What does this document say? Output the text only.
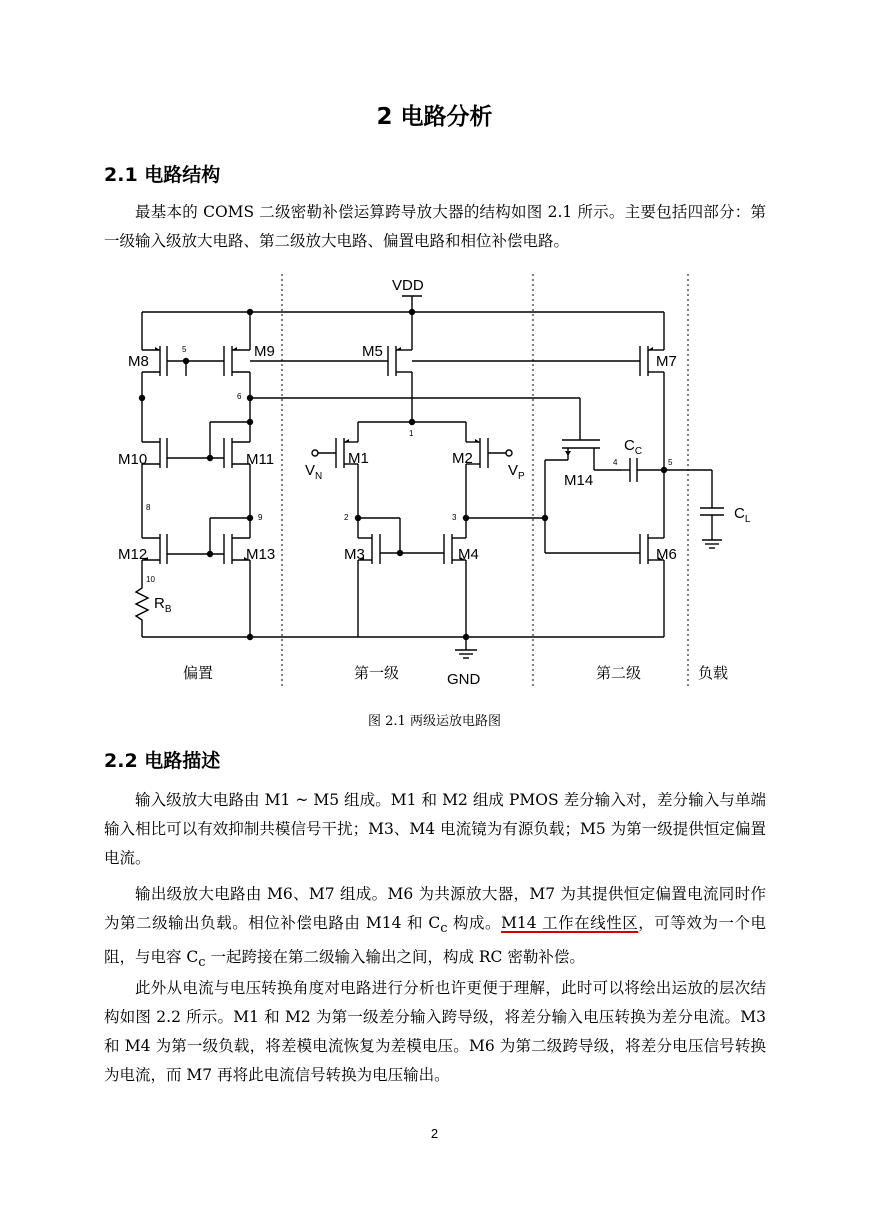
2 电路分析
2.1 电路结构

最基本的 COMS 二级密勒补偿运算跨导放大器的结构如图 2.1 所示。主要包括四部分：第一级输入级放大电路、第二级放大电路、偏置电路和相位补偿电路。

VDD
M8
5	M9
6
M10	M11
8
9
M12
10
M13
$R_B$
GND
M5
1
M1
$V_N$
M2
$V_P$
2	3
M3	M4
M14
4
M6
M7
$C_C$
5
$C_L$
偏置	第一级	第二级	负载
图 2.1 两级运放电路图
2.2 电路描述

输入级放大电路由 M1 ~ M5 组成。M1 和 M2 组成 PMOS 差分输入对，差分输入与单端输入相比可以有效抑制共模信号干扰；M3、M4 电流镜为有源负载；M5 为第一级提供恒定偏置电流。

输出级放大电路由 M6、M7 组成。M6 为共源放大器，M7 为其提供恒定偏置电流同时作为第二级输出负载。相位补偿电路由 M14 和 $C_c$ 构成。M14 工作在线性区，可等效为一个电阻，与电容 $C_c$ 一起跨接在第二级输入输出之间，构成 RC 密勒补偿。

此外从电流与电压转换角度对电路进行分析也许更便于理解，此时可以将绘出运放的层次结构如图 2.2 所示。M1 和 M2 为第一级差分输入跨导级，将差分输入电压转换为差分电流。M3 和 M4 为第一级负载，将差模电流恢复为差模电压。M6 为第二级跨导级，将差分电压信号转换为电流，而 M7 再将此电流信号转换为电压输出。

2
